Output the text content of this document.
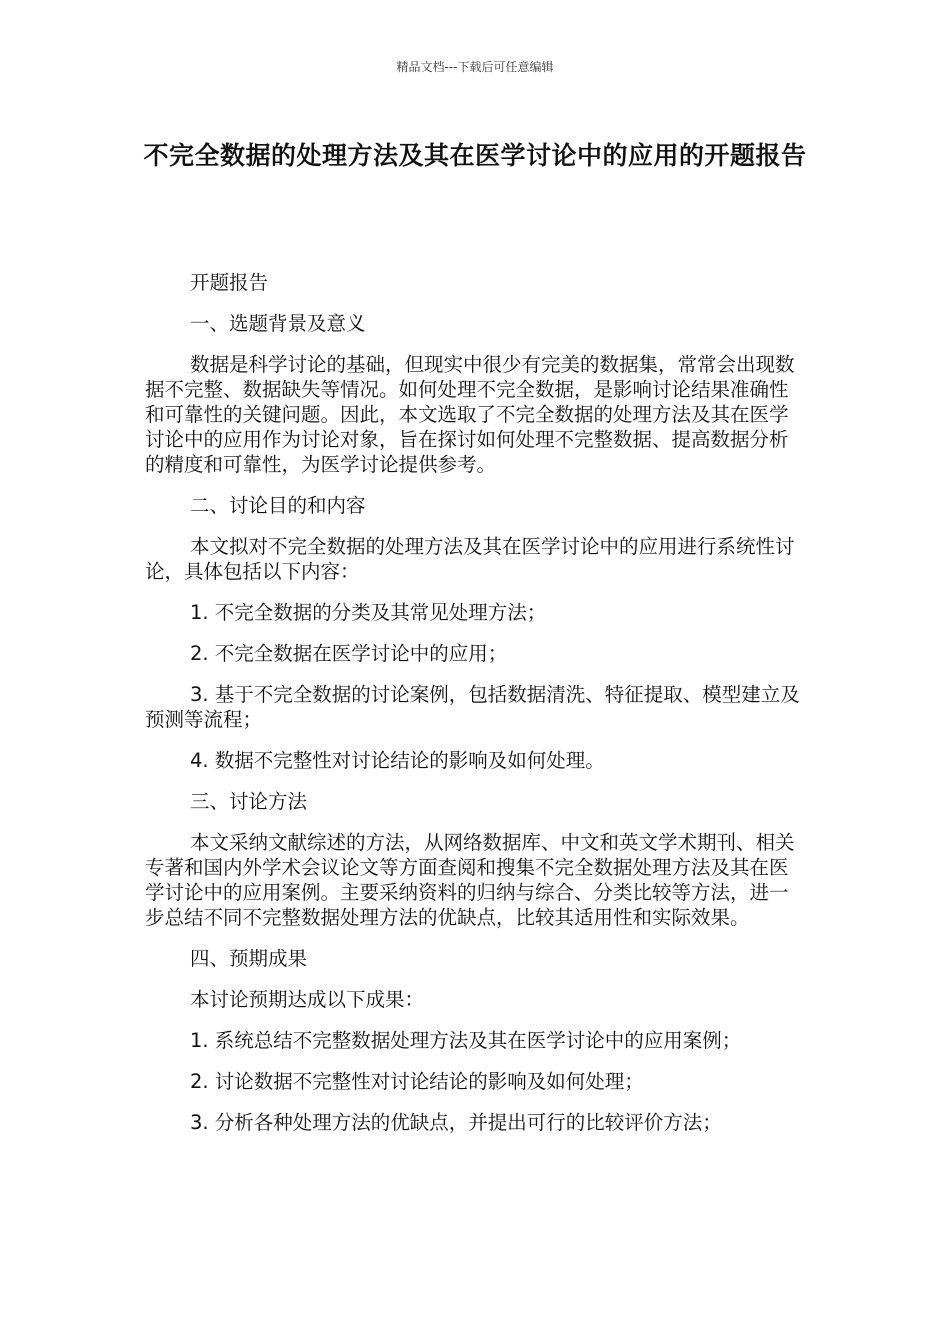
精品文档---下载后可任意编辑
不完全数据的处理方法及其在医学讨论中的应用的开题报告

开题报告

一、选题背景及意义

数据是科学讨论的基础，但现实中很少有完美的数据集，常常会出现数据不完整、数据缺失等情况。如何处理不完全数据，是影响讨论结果准确性和可靠性的关键问题。因此，本文选取了不完全数据的处理方法及其在医学讨论中的应用作为讨论对象，旨在探讨如何处理不完整数据、提高数据分析的精度和可靠性，为医学讨论提供参考。

二、讨论目的和内容

本文拟对不完全数据的处理方法及其在医学讨论中的应用进行系统性讨论，具体包括以下内容：

1. 不完全数据的分类及其常见处理方法；

2. 不完全数据在医学讨论中的应用；

3. 基于不完全数据的讨论案例，包括数据清洗、特征提取、模型建立及预测等流程；

4. 数据不完整性对讨论结论的影响及如何处理。

三、讨论方法

本文采纳文献综述的方法，从网络数据库、中文和英文学术期刊、相关专著和国内外学术会议论文等方面查阅和搜集不完全数据处理方法及其在医学讨论中的应用案例。主要采纳资料的归纳与综合、分类比较等方法，进一步总结不同不完整数据处理方法的优缺点，比较其适用性和实际效果。

四、预期成果

本讨论预期达成以下成果：

1. 系统总结不完整数据处理方法及其在医学讨论中的应用案例；

2. 讨论数据不完整性对讨论结论的影响及如何处理；

3. 分析各种处理方法的优缺点，并提出可行的比较评价方法；
